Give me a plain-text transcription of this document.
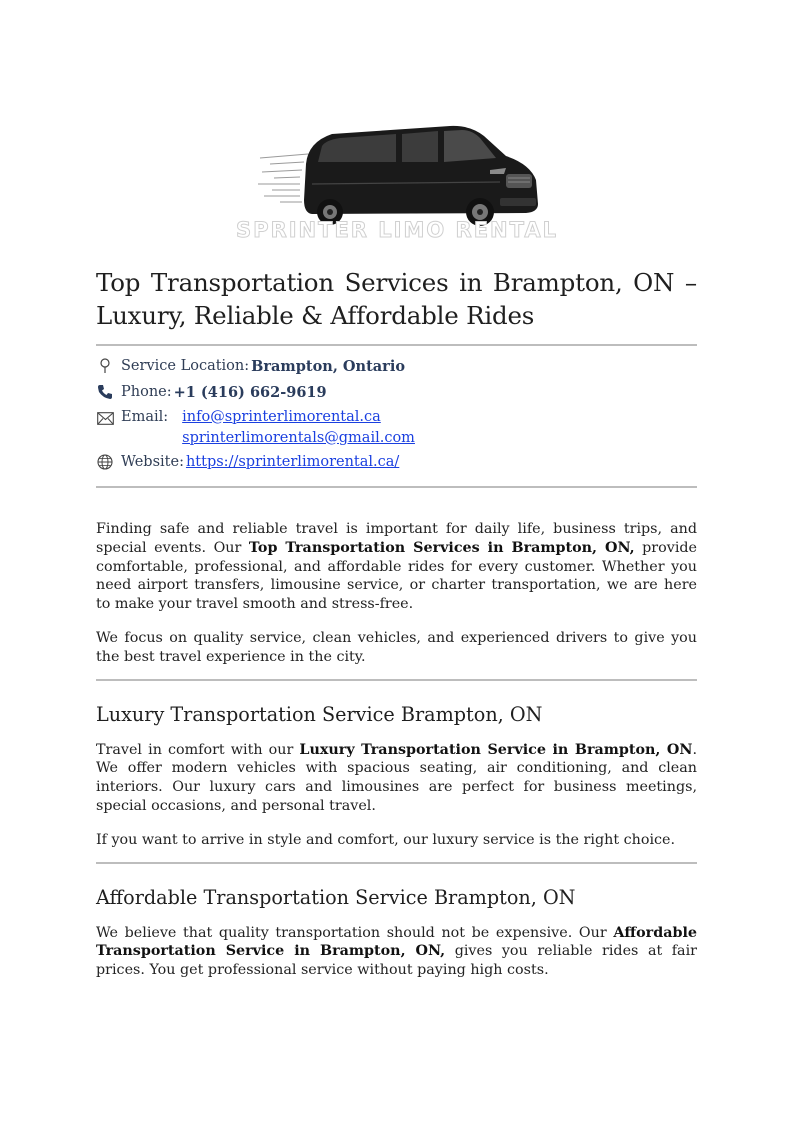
SPRINTER LIMO RENTAL
Top Transportation Services in Brampton, ON – Luxury, Reliable & Affordable Rides
Service Location: Brampton, Ontario
Phone: +1 (416) 662-9619
Email: info@sprinterlimorental.ca
sprinterlimorentals@gmail.com
Website: https://sprinterlimorental.ca/

Finding safe and reliable travel is important for daily life, business trips, and special events. Our Top Transportation Services in Brampton, ON, provide comfortable, professional, and affordable rides for every customer. Whether you need airport transfers, limousine service, or charter transportation, we are here to make your travel smooth and stress-free.

We focus on quality service, clean vehicles, and experienced drivers to give you the best travel experience in the city.

Luxury Transportation Service Brampton, ON

Travel in comfort with our Luxury Transportation Service in Brampton, ON. We offer modern vehicles with spacious seating, air conditioning, and clean interiors. Our luxury cars and limousines are perfect for business meetings, special occasions, and personal travel.

If you want to arrive in style and comfort, our luxury service is the right choice.

Affordable Transportation Service Brampton, ON

We believe that quality transportation should not be expensive. Our Affordable Transportation Service in Brampton, ON, gives you reliable rides at fair prices. You get professional service without paying high costs.
